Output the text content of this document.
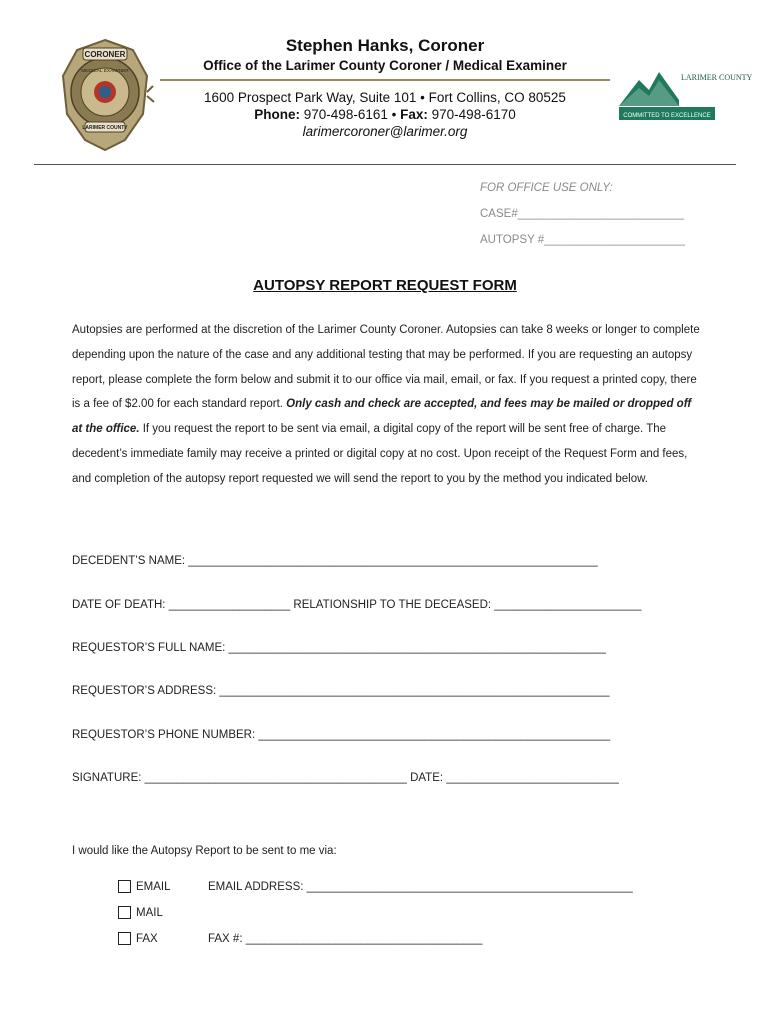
CORONER
MEDICAL EXAMINER
LARIMER COUNTY
Stephen Hanks, Coroner
Office of the Larimer County Coroner / Medical Examiner
1600 Prospect Park Way, Suite 101 • Fort Collins, CO 80525
Phone: 970-498-6161 • Fax: 970-498-6170
larimercoroner@larimer.org
LARIMER COUNTY
COMMITTED TO EXCELLENCE
FOR OFFICE USE ONLY:
CASE#__________________________
AUTOPSY #______________________
AUTOPSY REPORT REQUEST FORM
Autopsies are performed at the discretion of the Larimer County Coroner. Autopsies can take 8 weeks or longer to complete depending upon the nature of the case and any additional testing that may be performed. If you are requesting an autopsy report, please complete the form below and submit it to our office via mail, email, or fax. If you request a printed copy, there is a fee of $2.00 for each standard report. Only cash and check are accepted, and fees may be mailed or dropped off at the office. If you request the report to be sent via email, a digital copy of the report will be sent free of charge. The decedent’s immediate family may receive a printed or digital copy at no cost. Upon receipt of the Request Form and fees, and completion of the autopsy report requested we will send the report to you by the method you indicated below.
DECEDENT’S NAME: ________________________________________________________________
DATE OF DEATH: ___________________ RELATIONSHIP TO THE DECEASED: _______________________
REQUESTOR’S FULL NAME: ___________________________________________________________
REQUESTOR’S ADDRESS: _____________________________________________________________
REQUESTOR’S PHONE NUMBER: _______________________________________________________
SIGNATURE: _________________________________________ DATE: ___________________________
I would like the Autopsy Report to be sent to me via:
EMAIL	EMAIL ADDRESS: ___________________________________________________
MAIL
FAX	FAX #: _____________________________________
